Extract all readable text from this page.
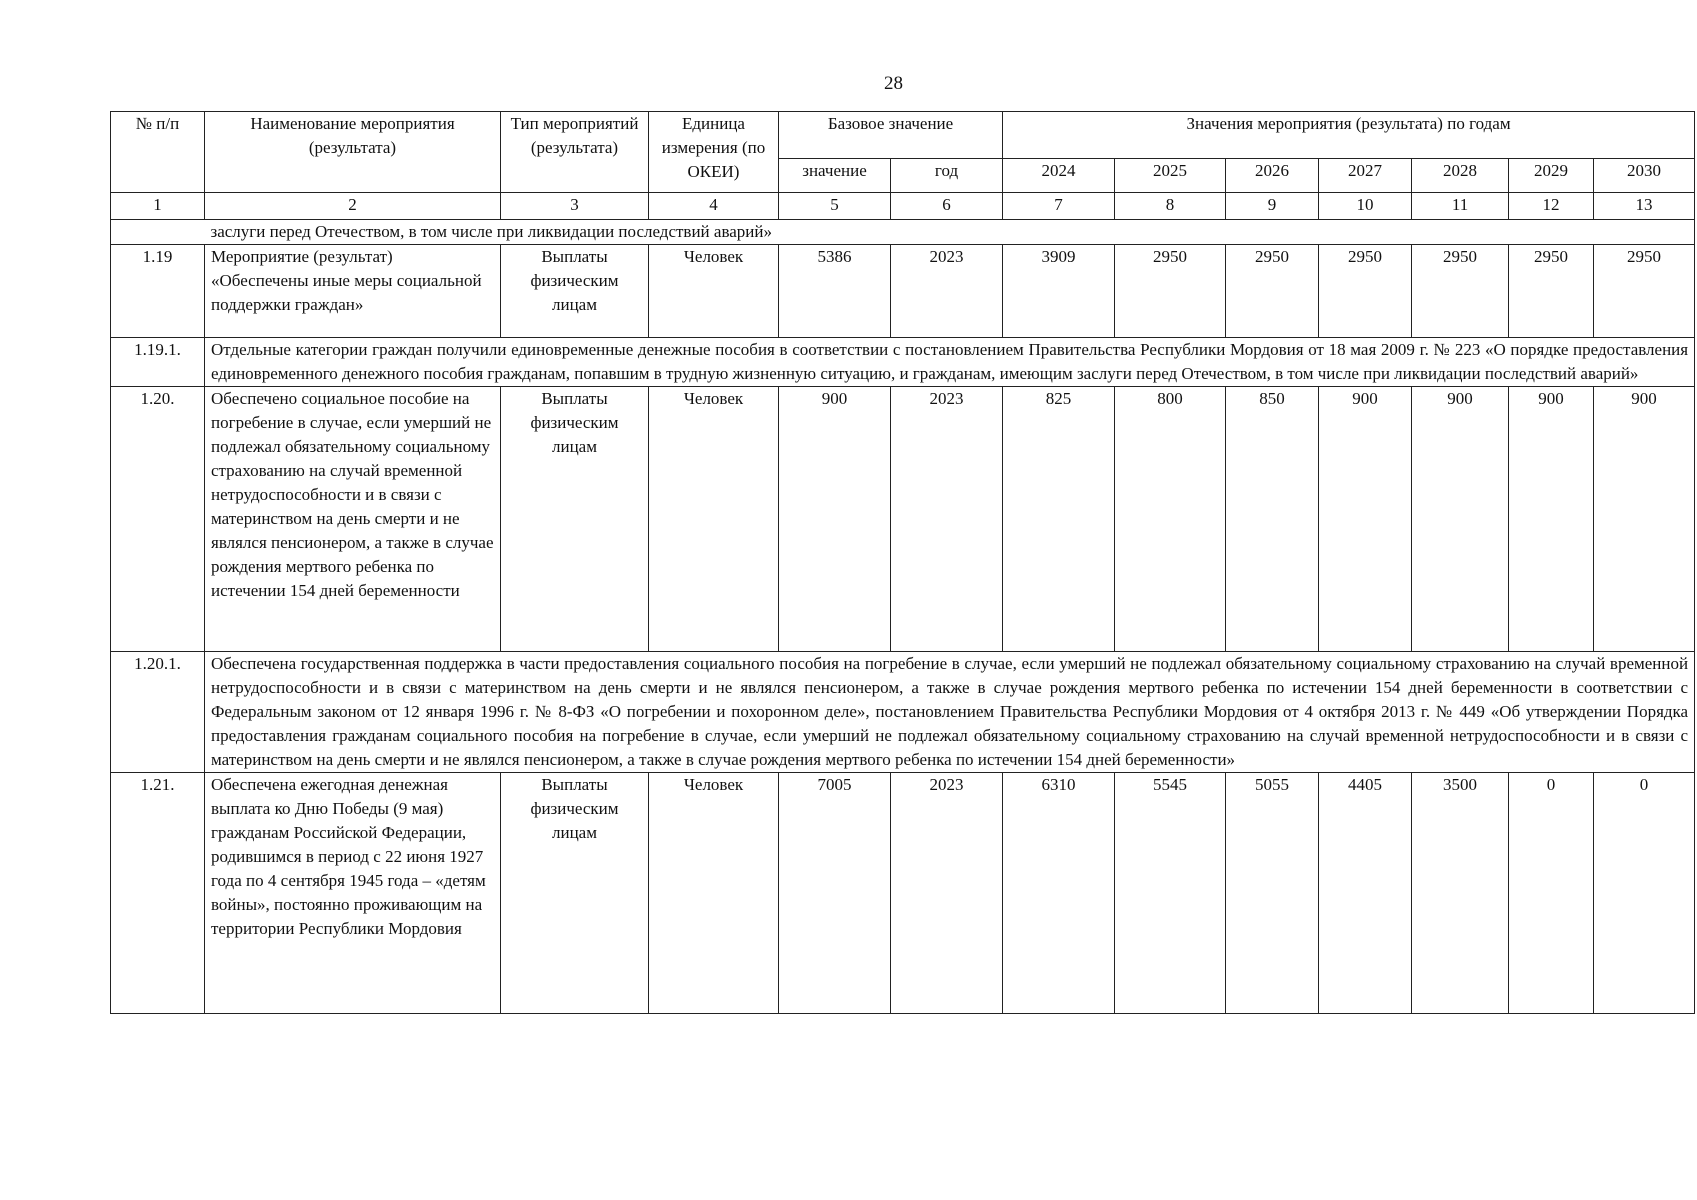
28
№ п/п	Наименование мероприятия (результата)	Тип мероприятий (результата)	Единица измерения (по ОКЕИ)	Базовое значение		Значения мероприятия (результата) по годам						
				значение	год	2024	2025	2026	2027	2028	2029	2030
1	2	3	4	5	6	7	8	9	10	11	12	13
	заслуги перед Отечеством, в том числе при ликвидации последствий аварий»											
1.19	Мероприятие (результат) «Обеспечены иные меры социальной поддержки граждан»	Выплаты физическим лицам	Человек	5386	2023	3909	2950	2950	2950	2950	2950	2950
1.19.1.	Отдельные категории граждан получили единовременные денежные пособия в соответствии с постановлением Правительства Республики Мордовия от 18 мая 2009 г. № 223 «О порядке предоставления единовременного денежного пособия гражданам, попавшим в трудную жизненную ситуацию, и гражданам, имеющим заслуги перед Отечеством, в том числе при ликвидации последствий аварий»											
1.20.	Обеспечено социальное пособие на погребение в случае, если умерший не подлежал обязательному социальному страхованию на случай временной нетрудоспособности и в связи с материнством на день смерти и не являлся пенсионером, а также в случае рождения мертвого ребенка по истечении 154 дней беременности	Выплаты физическим лицам	Человек	900	2023	825	800	850	900	900	900	900
1.20.1.	Обеспечена государственная поддержка в части предоставления социального пособия на погребение в случае, если умерший не подлежал обязательному социальному страхованию на случай временной нетрудоспособности и в связи с материнством на день смерти и не являлся пенсионером, а также в случае рождения мертвого ребенка по истечении 154 дней беременности в соответствии с Федеральным законом от 12 января 1996 г. № 8-ФЗ «О погребении и похоронном деле», постановлением Правительства Республики Мордовия от 4 октября 2013 г. № 449 «Об утверждении Порядка предоставления гражданам социального пособия на погребение в случае, если умерший не подлежал обязательному социальному страхованию на случай временной нетрудоспособности и в связи с материнством на день смерти и не являлся пенсионером, а также в случае рождения мертвого ребенка по истечении 154 дней беременности»											
1.21.	Обеспечена ежегодная денежная выплата ко Дню Победы (9 мая) гражданам Российской Федерации, родившимся в период с 22 июня 1927 года по 4 сентября 1945 года – «детям войны», постоянно проживающим на территории Республики Мордовия	Выплаты физическим лицам	Человек	7005	2023	6310	5545	5055	4405	3500	0	0
